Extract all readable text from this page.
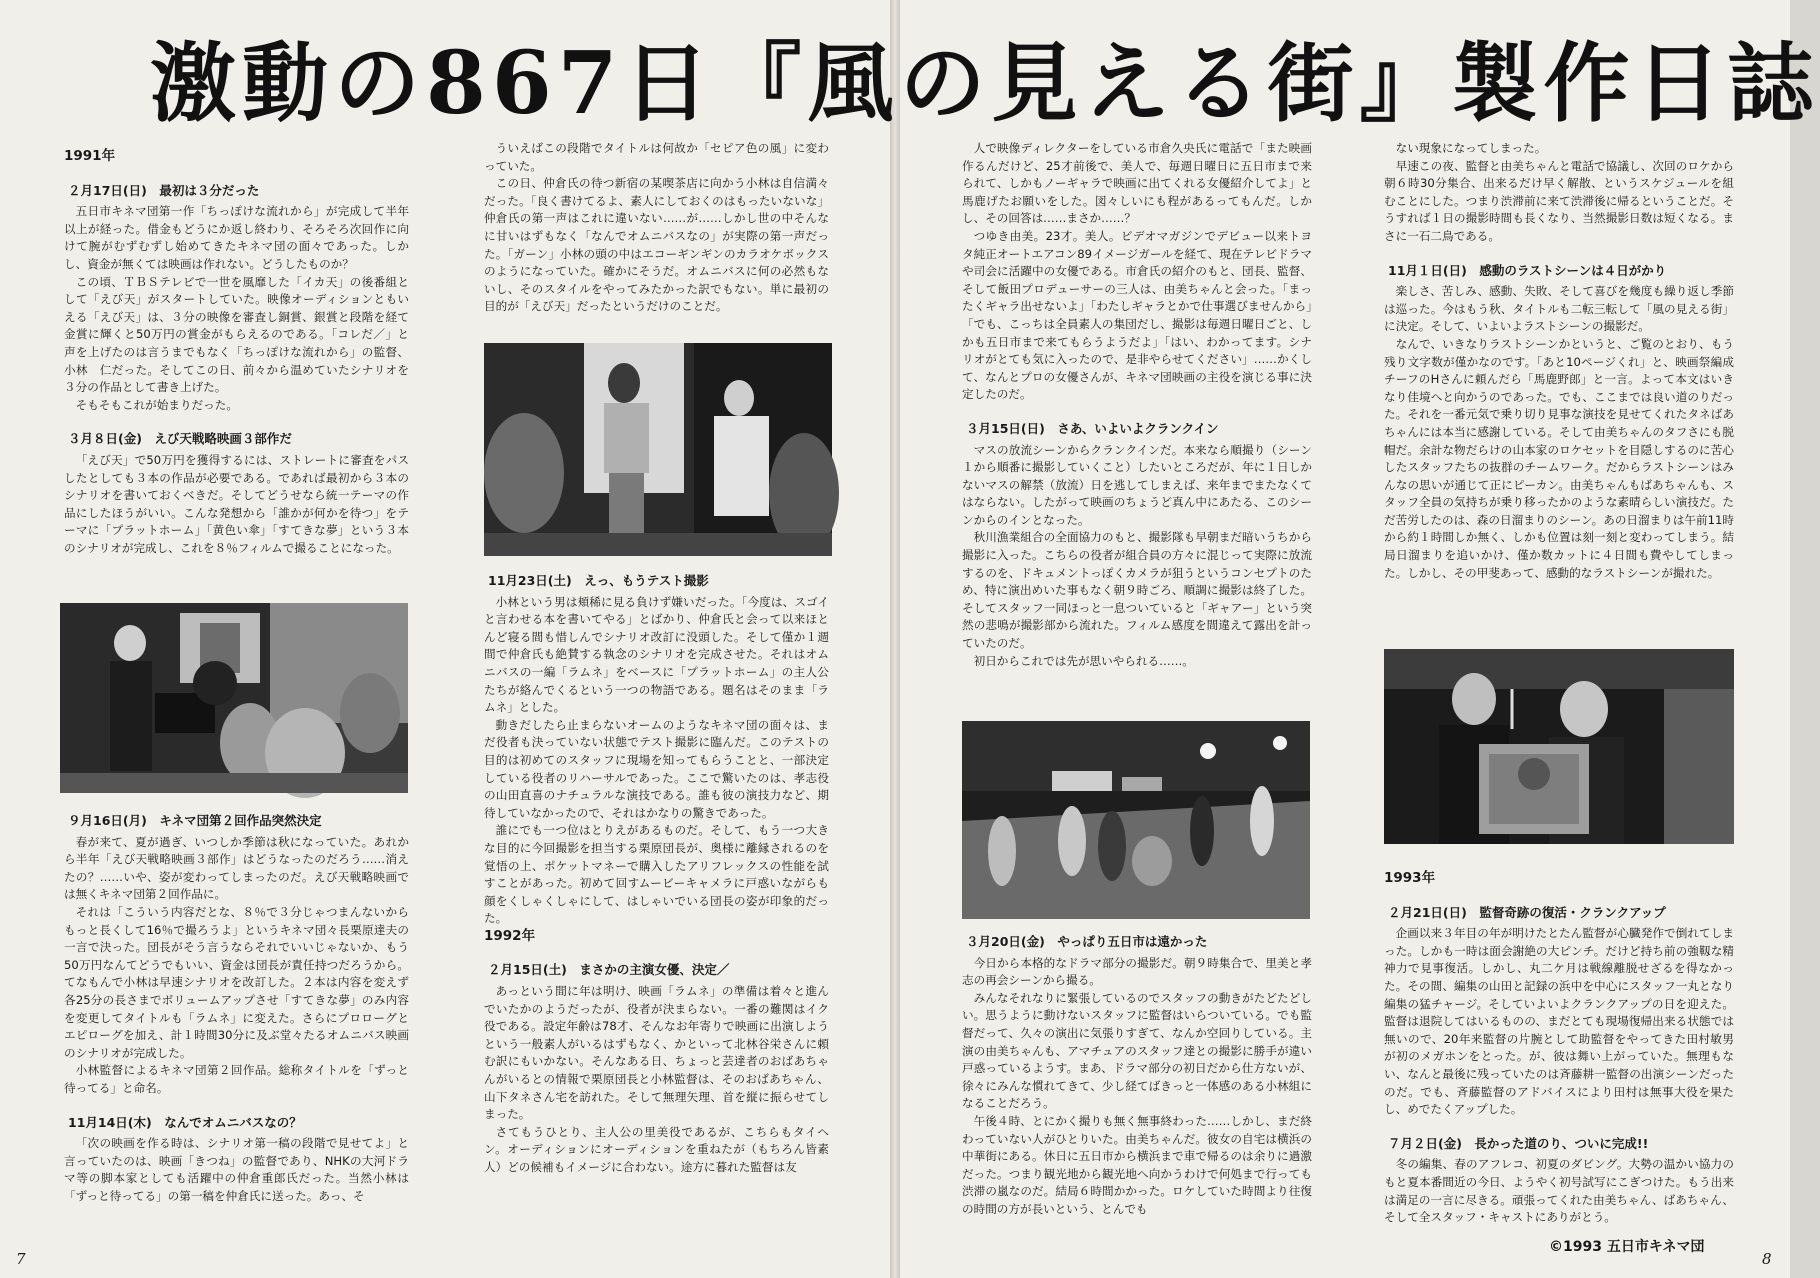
激動の867日『風の見える街』製作日誌
1991年
２月17日(日)　最初は３分だった

五日市キネマ団第一作「ちっぽけな流れから」が完成して半年以上が経った。借金もどうにか返し終わり、そろそろ次回作に向けて腕がむずむずし始めてきたキネマ団の面々であった。しかし、資金が無くては映画は作れない。どうしたものか？

この頃、ＴＢＳテレビで一世を風靡した「イカ天」の後番組として「えび天」がスタートしていた。映像オーディションともいえる「えび天」は、３分の映像を審査し銅賞、銀賞と段階を経て金賞に輝くと50万円の賞金がもらえるのである。「コレだ／」と声を上げたのは言うまでもなく「ちっぽけな流れから」の監督、小林　仁だった。そしてこの日、前々から温めていたシナリオを３分の作品として書き上げた。

そもそもこれが始まりだった。

３月８日(金)　えび天戦略映画３部作だ

「えび天」で50万円を獲得するには、ストレートに審査をパスしたとしても３本の作品が必要である。であれば最初から３本のシナリオを書いておくべきだ。そしてどうせなら統一テーマの作品にしたほうがいい。こんな発想から「誰かが何かを待つ」をテーマに「プラットホーム」「黄色い傘」「すてきな夢」という３本のシナリオが完成し、これを８％フィルムで撮ることになった。

９月16日(月)　キネマ団第２回作品突然決定

春が来て、夏が過ぎ、いつしか季節は秋になっていた。あれから半年「えび天戦略映画３部作」はどうなったのだろう……消えたの？……いや、姿が変わってしまったのだ。えび天戦略映画では無くキネマ団第２回作品に。

それは「こういう内容だとな、８％で３分じゃつまんないからもっと長くして16％で撮ろうよ」というキネマ団々長栗原達夫の一言で決った。団長がそう言うならそれでいいじゃないか、もう50万円なんてどうでもいい、資金は団長が責任持つだろうから。てなもんで小林は早速シナリオを改訂した。２本は内容を変えず各25分の長さまでボリュームアップさせ「すてきな夢」のみ内容を変更してタイトルも「ラムネ」に変えた。さらにプロローグとエピローグを加え、計１時間30分に及ぶ堂々たるオムニバス映画のシナリオが完成した。

小林監督によるキネマ団第２回作品。総称タイトルを「ずっと待ってる」と命名。

11月14日(木)　なんでオムニバスなの？

「次の映画を作る時は、シナリオ第一稿の段階で見せてよ」と言っていたのは、映画「きつね」の監督であり、NHKの大河ドラマ等の脚本家としても活躍中の仲倉重郎氏だった。当然小林は「ずっと待ってる」の第一稿を仲倉氏に送った。あっ、そ

ういえばこの段階でタイトルは何故か「セピア色の風」に変わっていた。

この日、仲倉氏の待つ新宿の某喫茶店に向かう小林は自信満々だった。「良く書けてるよ、素人にしておくのはもったいないな」仲倉氏の第一声はこれに違いない……が……しかし世の中そんなに甘いはずもなく「なんでオムニバスなの」が実際の第一声だった。「ガーン」小林の頭の中はエコーギンギンのカラオケボックスのようになっていた。確かにそうだ。オムニバスに何の必然もないし、そのスタイルをやってみたかった訳でもない。単に最初の目的が「えび天」だったというだけのことだ。

11月23日(土)　えっ、もうテスト撮影

小林という男は頬稀に見る負けず嫌いだった。「今度は、スゴイと言わせる本を書いてやる」とばかり、仲倉氏と会って以来ほとんど寝る間も惜しんでシナリオ改訂に没頭した。そして僅か１週間で仲倉氏も絶賛する執念のシナリオを完成させた。それはオムニバスの一編「ラムネ」をベースに「プラットホーム」の主人公たちが絡んでくるという一つの物語である。題名はそのまま「ラムネ」とした。

動きだしたら止まらないオームのようなキネマ団の面々は、まだ役者も決っていない状態でテスト撮影に臨んだ。このテストの目的は初めてのスタッフに現場を知ってもらうことと、一部決定している役者のリハーサルであった。ここで驚いたのは、孝志役の山田直喜のナチュラルな演技である。誰も彼の演技力など、期待していなかったので、それはかなりの驚きであった。

誰にでも一つ位はとりえがあるものだ。そして、もう一つ大きな目的に今回撮影を担当する栗原団長が、奥様に離縁されるのを覚悟の上、ポケットマネーで購入したアリフレックスの性能を試すことがあった。初めて回すムービーキャメラに戸惑いながらも顔をくしゃくしゃにして、はしゃいでいる団長の姿が印象的だった。

1992年
２月15日(土)　まさかの主演女優、決定／

あっという間に年は明け、映画「ラムネ」の準備は着々と進んでいたかのようだったが、役者が決まらない。一番の難関はイク役である。設定年齢は78才、そんなお年寄りで映画に出演しようという一般素人がいるはずもなく、かといって北林谷栄さんに頼む訳にもいかない。そんなある日、ちょっと芸達者のおばあちゃんがいるとの情報で栗原団長と小林監督は、そのおばあちゃん、山下タネさん宅を訪れた。そして無理矢理、首を縦に振らせてしまった。

さてもうひとり、主人公の里美役であるが、こちらもタイヘン。オーディションにオーディションを重ねたが（もちろん皆素人）どの候補もイメージに合わない。途方に暮れた監督は友

人で映像ディレクターをしている市倉久央氏に電話で「また映画作るんだけど、25才前後で、美人で、毎週日曜日に五日市まで来られて、しかもノーギャラで映画に出てくれる女優紹介してよ」と馬鹿げたお願いをした。図々しいにも程があるってもんだ。しかし、その回答は……まさか……？

つゆき由美。23才。美人。ビデオマガジンでデビュー以来トヨタ純正オートエアコン89イメージガールを経て、現在テレビドラマや司会に活躍中の女優である。市倉氏の紹介のもと、団長、監督、そして飯田プロデューサーの三人は、由美ちゃんと会った。「まったくギャラ出せないよ」「わたしギャラとかで仕事選びませんから」「でも、こっちは全員素人の集団だし、撮影は毎週日曜日ごと、しかも五日市まで来てもらうようだよ」「はい、わかってます。シナリオがとても気に入ったので、是非やらせてください」……かくして、なんとプロの女優さんが、キネマ団映画の主役を演じる事に決定したのだ。

３月15日(日)　さあ、いよいよクランクイン

マスの放流シーンからクランクインだ。本来なら順撮り（シーン１から順番に撮影していくこと）したいところだが、年に１日しかないマスの解禁（放流）日を逃してしまえば、来年までまたなくてはならない。したがって映画のちょうど真ん中にあたる、このシーンからのインとなった。

秋川漁業組合の全面協力のもと、撮影隊も早朝まだ暗いうちから撮影に入った。こちらの役者が組合員の方々に混じって実際に放流するのを、ドキュメントっぽくカメラが狙うというコンセプトのため、特に演出めいた事もなく朝９時ごろ、順調に撮影は終了した。そしてスタッフ一同ほっと一息ついていると「ギャアー」という突然の悲鳴が撮影部から流れた。フィルム感度を間違えて露出を計っていたのだ。

初日からこれでは先が思いやられる……。

３月20日(金)　やっぱり五日市は遠かった

今日から本格的なドラマ部分の撮影だ。朝９時集合で、里美と孝志の再会シーンから撮る。

みんなそれなりに緊張しているのでスタッフの動きがたどたどしい。思うように動けないスタッフに監督はいらついている。でも監督だって、久々の演出に気張りすぎて、なんか空回りしている。主演の由美ちゃんも、アマチュアのスタッフ達との撮影に勝手が違い戸惑っているようす。まあ、ドラマ部分の初日だから仕方ないが、徐々にみんな慣れてきて、少し経てばきっと一体感のある小林組になることだろう。

午後４時、とにかく撮りも無く無事終わった……しかし、まだ終わっていない人がひとりいた。由美ちゃんだ。彼女の自宅は横浜の中華街にある。休日に五日市から横浜まで車で帰るのは余りに過激だった。つまり観光地から観光地へ向かうわけで何処まで行っても渋滞の嵐なのだ。結局６時間かかった。ロケしていた時間より往復の時間の方が長いという、とんでも

ない現象になってしまった。

早速この夜、監督と由美ちゃんと電話で協議し、次回のロケから朝６時30分集合、出来るだけ早く解散、というスケジュールを組むことにした。つまり渋滞前に来て渋滞後に帰るということだ。そうすれば１日の撮影時間も長くなり、当然撮影日数は短くなる。まさに一石二鳥である。

11月１日(日)　感動のラストシーンは４日がかり

楽しさ、苦しみ、感動、失敗、そして喜びを幾度も繰り返し季節は巡った。今はもう秋、タイトルも二転三転して「風の見える街」に決定。そして、いよいよラストシーンの撮影だ。

なんで、いきなりラストシーンかというと、ご覧のとおり、もう残り文字数が僅かなのです。「あと10ページくれ」と、映画祭編成チーフのHさんに頼んだら「馬鹿野郎」と一言。よって本文はいきなり佳境へと向かうのであった。でも、ここまでは良い道のりだった。それを一番元気で乗り切り見事な演技を見せてくれたタネばあちゃんには本当に感謝している。そして由美ちゃんのタフさにも脱帽だ。余計な物だらけの山本家のロケセットを目隠しするのに苦心したスタッフたちの抜群のチームワーク。だからラストシーンはみんなの思いが通じて正にピーカン。由美ちゃんもばあちゃんも、スタッフ全員の気持ちが乗り移ったかのような素晴らしい演技だ。ただ苦労したのは、森の日溜まりのシーン。あの日溜まりは午前11時から約１時間しか無く、しかも位置は刻一刻と変わってしまう。結局日溜まりを追いかけ、僅か数カットに４日間も費やしてしまった。しかし、その甲斐あって、感動的なラストシーンが撮れた。

1993年
２月21日(日)　監督奇跡の復活・クランクアップ

企画以来３年目の年が明けたとたん監督が心臓発作で倒れてしまった。しかも一時は面会謝絶の大ピンチ。だけど持ち前の強靱な精神力で見事復活。しかし、丸二ケ月は戦線離脱せざるを得なかった。その間、編集の山田と記録の浜中を中心にスタッフ一丸となり編集の猛チャージ。そしていよいよクランクアップの日を迎えた。監督は退院してはいるものの、まだとても現場復帰出来る状態では無いので、20年来監督の片腕として助監督をやってきた田村敏男が初のメガホンをとった。が、彼は舞い上がっていた。無理もない、なんと最後に残っていたのは斉藤耕一監督の出演シーンだったのだ。でも、斉藤監督のアドバイスにより田村は無事大役を果たし、めでたくアップした。

７月２日(金)　長かった道のり、ついに完成!!

冬の編集、春のアフレコ、初夏のダビング。大勢の温かい協力のもと夏本番間近の今日、ようやく初号試写にこぎつけた。もう出来は満足の一言に尽きる。頑張ってくれた由美ちゃん、ばあちゃん、そして全スタッフ・キャストにありがとう。

7	8
©1993 五日市キネマ団
